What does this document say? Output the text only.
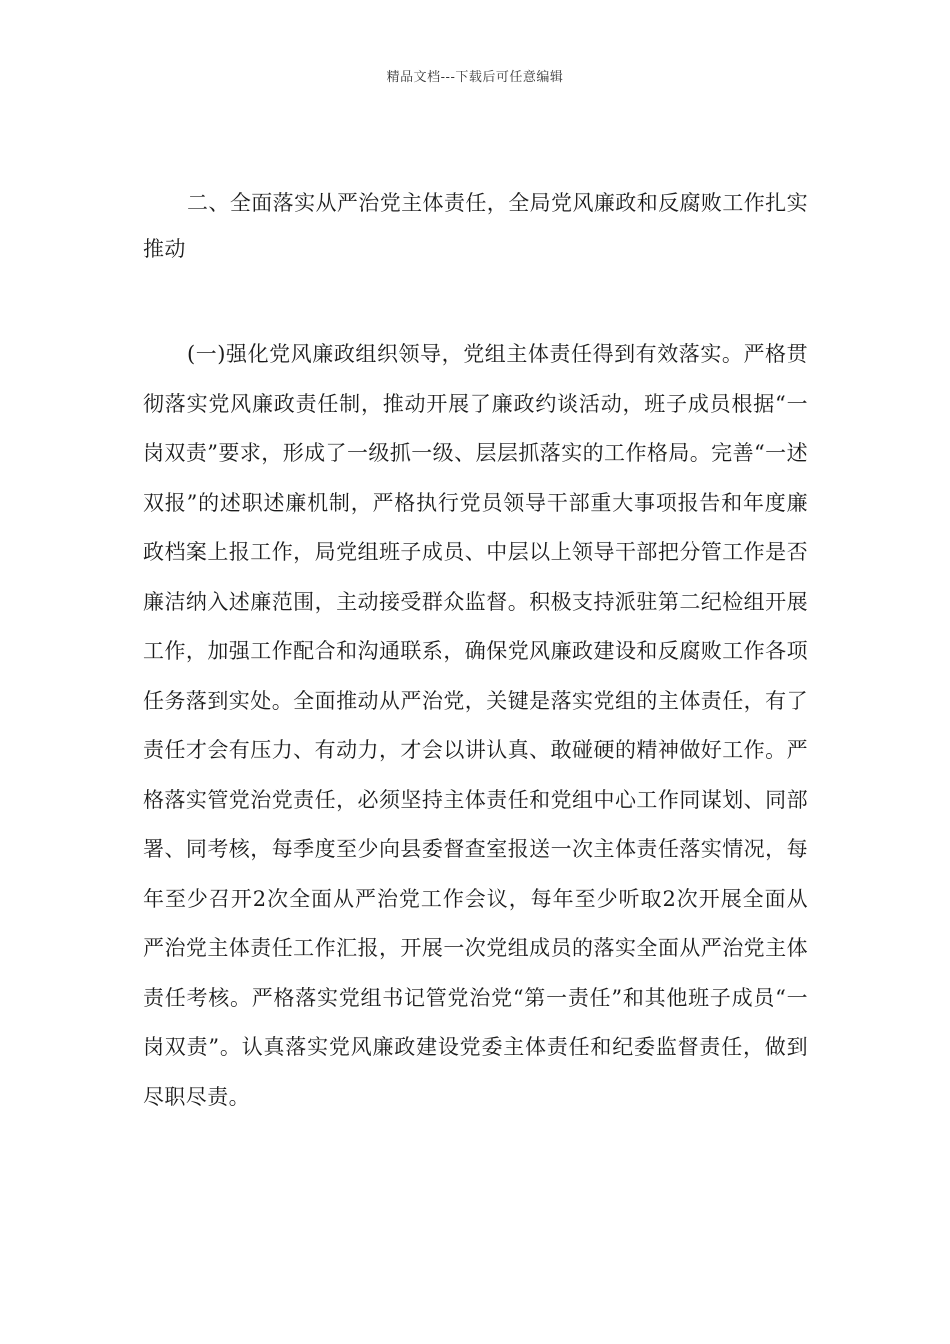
精品文档---下载后可任意编辑
二、全面落实从严治党主体责任，全局党风廉政和反腐败工作扎实推动
(一)强化党风廉政组织领导，党组主体责任得到有效落实。严格贯彻落实党风廉政责任制，推动开展了廉政约谈活动，班子成员根据“一岗双责”要求，形成了一级抓一级、层层抓落实的工作格局。完善“一述双报”的述职述廉机制，严格执行党员领导干部重大事项报告和年度廉政档案上报工作，局党组班子成员、中层以上领导干部把分管工作是否廉洁纳入述廉范围，主动接受群众监督。积极支持派驻第二纪检组开展工作，加强工作配合和沟通联系，确保党风廉政建设和反腐败工作各项任务落到实处。全面推动从严治党，关键是落实党组的主体责任，有了责任才会有压力、有动力，才会以讲认真、敢碰硬的精神做好工作。严格落实管党治党责任，必须坚持主体责任和党组中心工作同谋划、同部署、同考核，每季度至少向县委督查室报送一次主体责任落实情况，每年至少召开2次全面从严治党工作会议，每年至少听取2次开展全面从严治党主体责任工作汇报，开展一次党组成员的落实全面从严治党主体责任考核。严格落实党组书记管党治党“第一责任”和其他班子成员“一岗双责”。认真落实党风廉政建设党委主体责任和纪委监督责任，做到尽职尽责。
